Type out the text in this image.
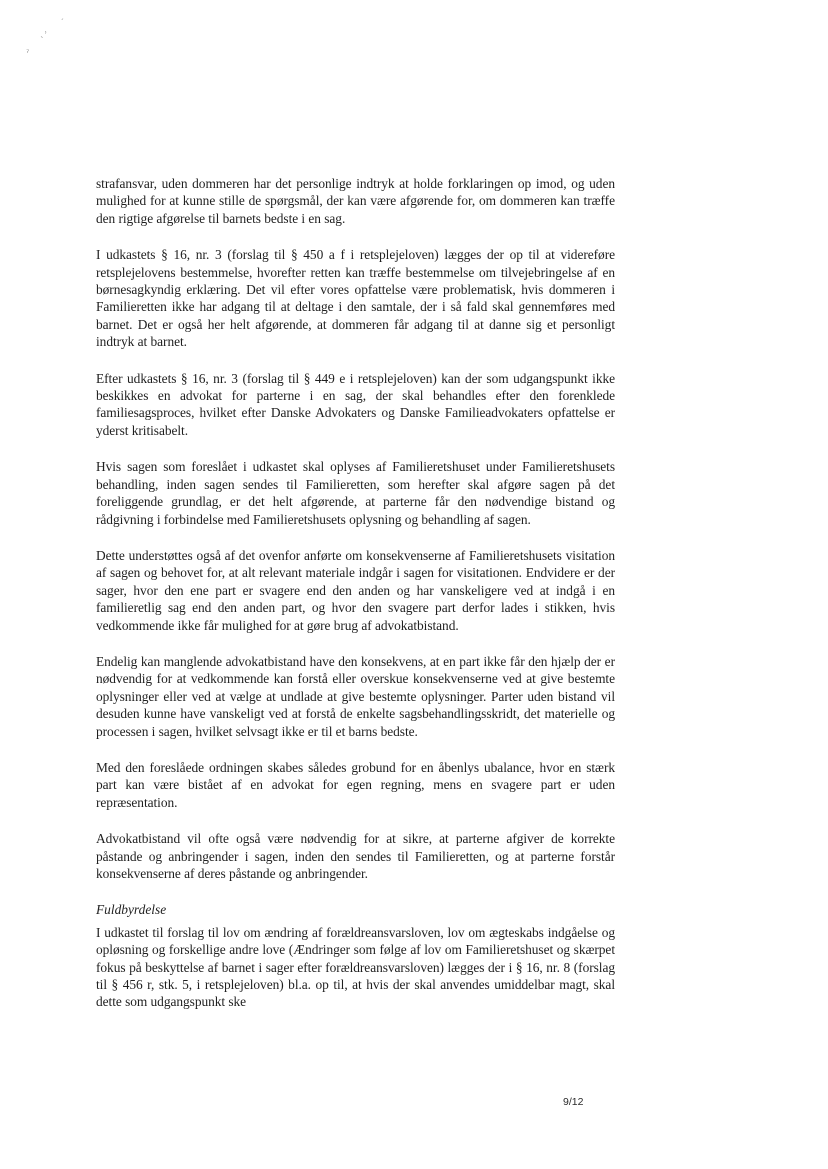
ˏ
ˎ˒
ˀ

strafansvar, uden dommeren har det personlige indtryk at holde forklaringen op imod, og uden mulighed for at kunne stille de spørgsmål, der kan være afgørende for, om dommeren kan træffe den rigtige afgørelse til barnets bedste i en sag.

I udkastets § 16, nr. 3 (forslag til § 450 a f i retsplejeloven) lægges der op til at videreføre retsplejelovens bestemmelse, hvorefter retten kan træffe bestemmelse om tilvejebringelse af en børnesagkyndig erklæring. Det vil efter vores opfattelse være problematisk, hvis dommeren i Familieretten ikke har adgang til at deltage i den samtale, der i så fald skal gennemføres med barnet. Det er også her helt afgørende, at dommeren får adgang til at danne sig et personligt indtryk at barnet.

Efter udkastets § 16, nr. 3 (forslag til § 449 e i retsplejeloven) kan der som udgangspunkt ikke beskikkes en advokat for parterne i en sag, der skal behandles efter den forenklede familiesagsproces, hvilket efter Danske Advokaters og Danske Familieadvokaters opfattelse er yderst kritisabelt.

Hvis sagen som foreslået i udkastet skal oplyses af Familieretshuset under Familieretshusets behandling, inden sagen sendes til Familieretten, som herefter skal afgøre sagen på det foreliggende grundlag, er det helt afgørende, at parterne får den nødvendige bistand og rådgivning i forbindelse med Familieretshusets oplysning og behandling af sagen.

Dette understøttes også af det ovenfor anførte om konsekvenserne af Familieretshusets visitation af sagen og behovet for, at alt relevant materiale indgår i sagen for visitationen. Endvidere er der sager, hvor den ene part er svagere end den anden og har vanskeligere ved at indgå i en familieretlig sag end den anden part, og hvor den svagere part derfor lades i stikken, hvis vedkommende ikke får mulighed for at gøre brug af advokatbistand.

Endelig kan manglende advokatbistand have den konsekvens, at en part ikke får den hjælp der er nødvendig for at vedkommende kan forstå eller overskue konsekvenserne ved at give bestemte oplysninger eller ved at vælge at undlade at give bestemte oplysninger. Parter uden bistand vil desuden kunne have vanskeligt ved at forstå de enkelte sagsbehandlingsskridt, det materielle og processen i sagen, hvilket selvsagt ikke er til et barns bedste.

Med den foreslåede ordningen skabes således grobund for en åbenlys ubalance, hvor en stærk part kan være bistået af en advokat for egen regning, mens en svagere part er uden repræsentation.

Advokatbistand vil ofte også være nødvendig for at sikre, at parterne afgiver de korrekte påstande og anbringender i sagen, inden den sendes til Familieretten, og at parterne forstår konsekvenserne af deres påstande og anbringender.

Fuldbyrdelse

I udkastet til forslag til lov om ændring af forældreansvarsloven, lov om ægteskabs indgåelse og opløsning og forskellige andre love (Ændringer som følge af lov om Familieretshuset og skærpet fokus på beskyttelse af barnet i sager efter forældreansvarsloven) lægges der i § 16, nr. 8 (forslag til § 456 r, stk. 5, i retsplejeloven) bl.a. op til, at hvis der skal anvendes umiddelbar magt, skal dette som udgangspunkt ske

9/12
